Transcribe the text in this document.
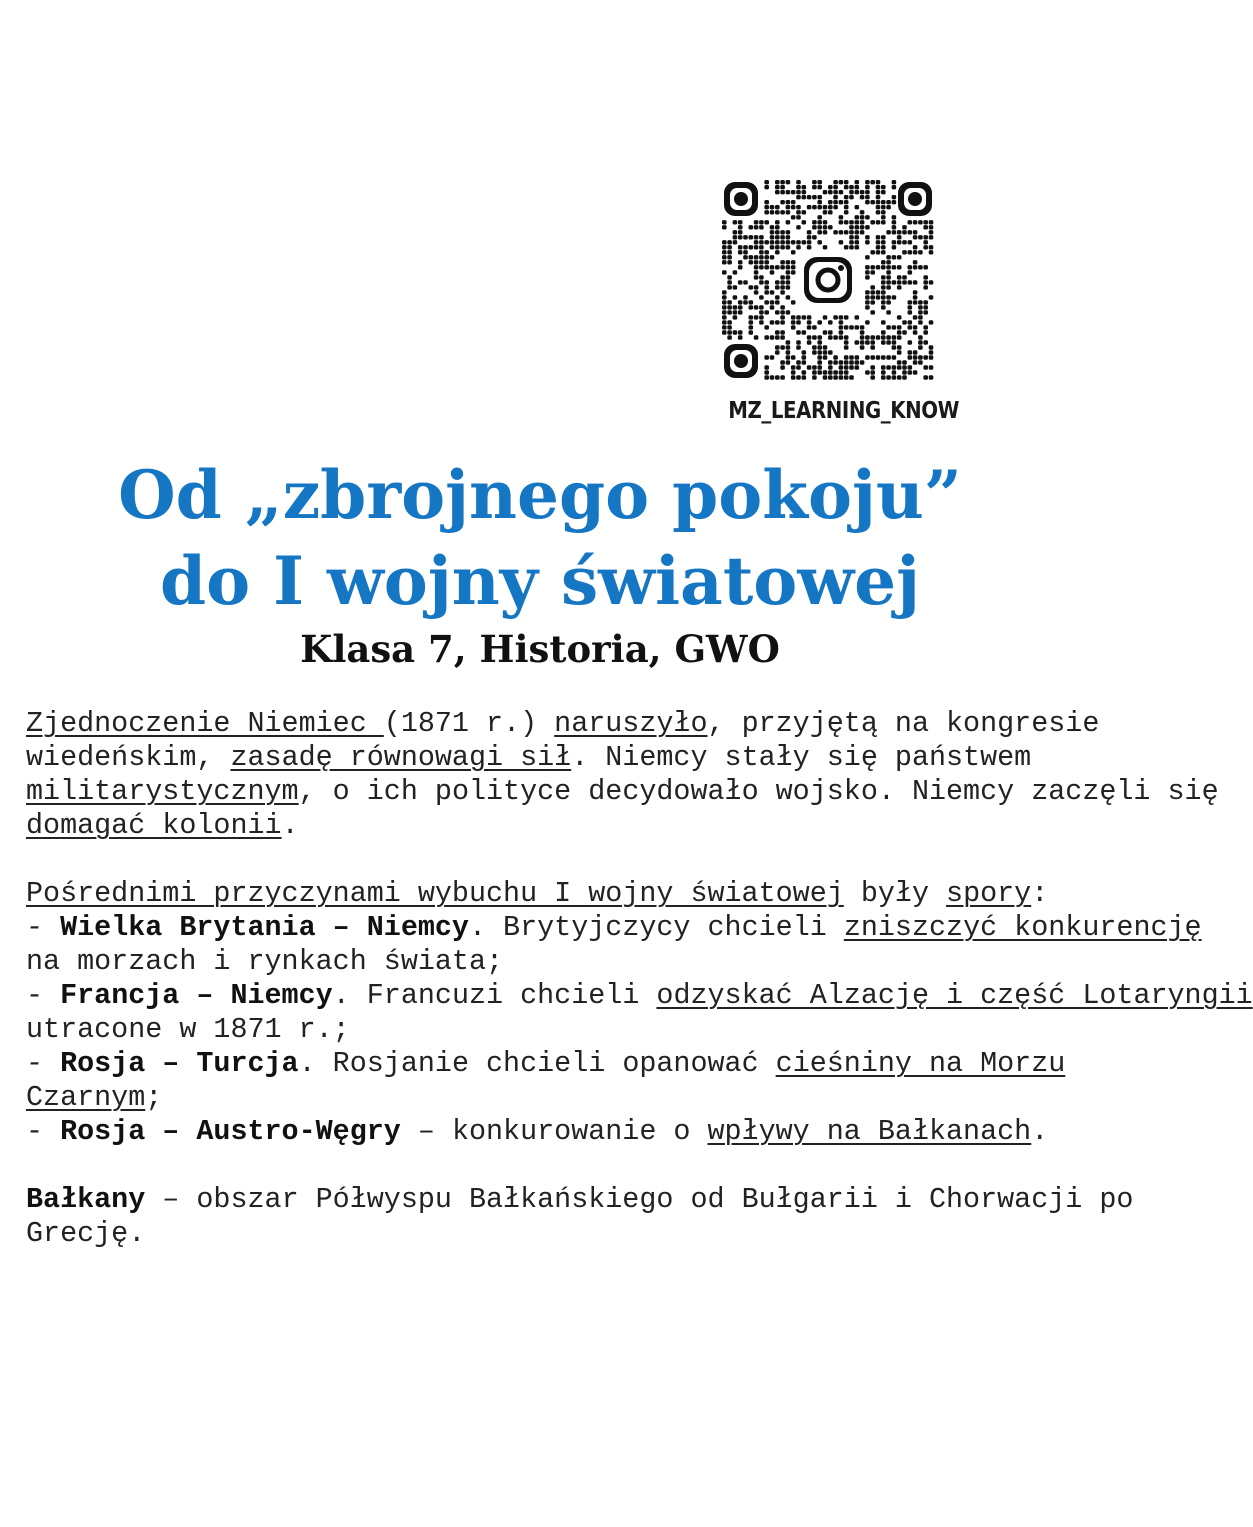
MZ_LEARNING_KNOW
Od „zbrojnego pokoju”
do I wojny światowej
Klasa 7, Historia, GWO
Zjednoczenie Niemiec (1871 r.) naruszyło, przyjętą na kongresie
wiedeńskim, zasadę równowagi sił. Niemcy stały się państwem
militarystycznym, o ich polityce decydowało wojsko. Niemcy zaczęli się
domagać kolonii.
Pośrednimi przyczynami wybuchu I wojny światowej były spory:
- Wielka Brytania – Niemcy. Brytyjczycy chcieli zniszczyć konkurencję
na morzach i rynkach świata;
- Francja – Niemcy. Francuzi chcieli odzyskać Alzację i część Lotaryngii
utracone w 1871 r.;
- Rosja – Turcja. Rosjanie chcieli opanować cieśniny na Morzu
Czarnym;
- Rosja – Austro-Węgry – konkurowanie o wpływy na Bałkanach.
Bałkany – obszar Półwyspu Bałkańskiego od Bułgarii i Chorwacji po
Grecję.
